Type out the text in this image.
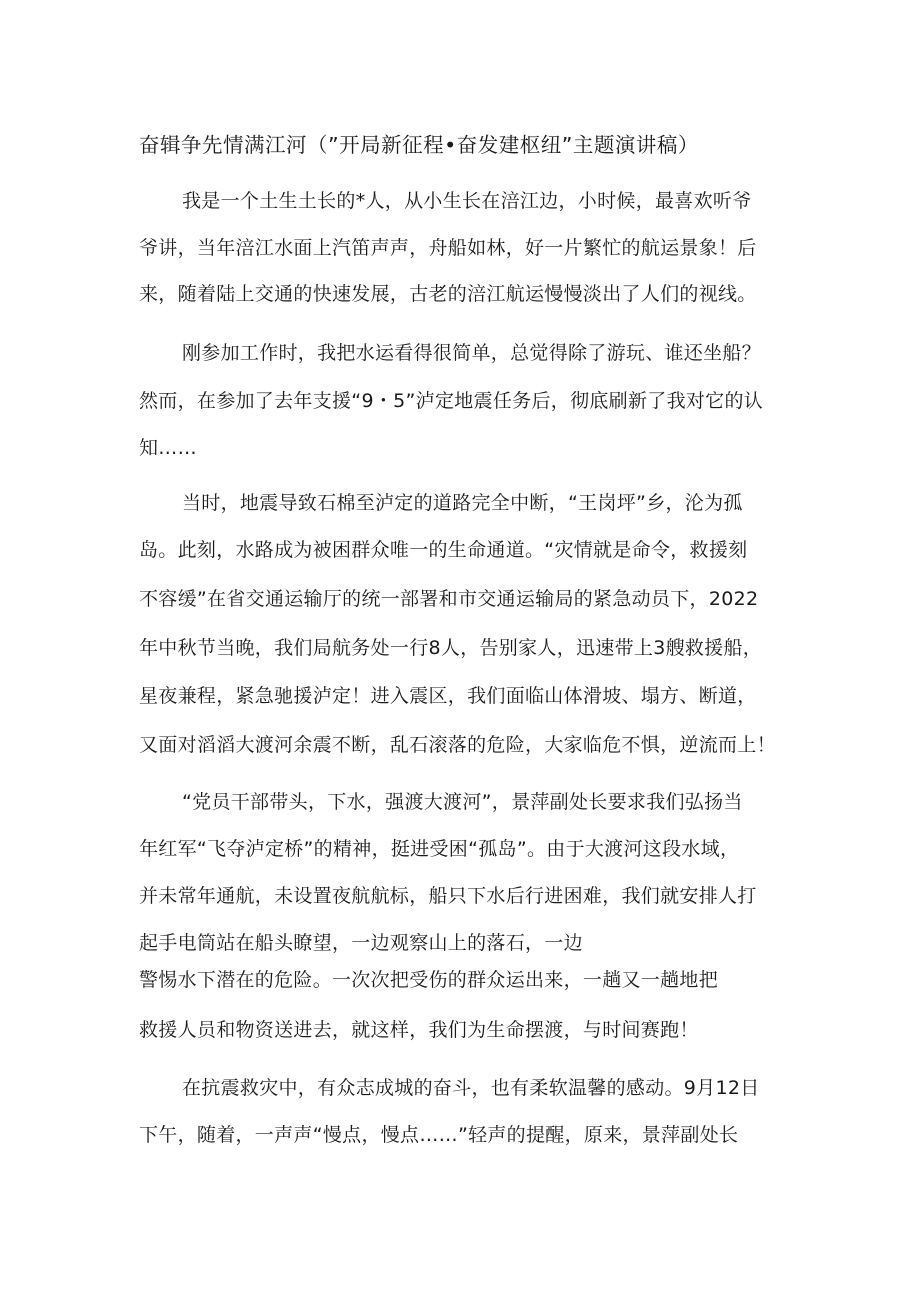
奋辑争先情满江河（”开局新征程•奋发建枢纽”主题演讲稿）

我是一个土生土长的*人，从小生长在涪江边，小时候，最喜欢听爷

爷讲，当年涪江水面上汽笛声声，舟船如林，好一片繁忙的航运景象！后

来，随着陆上交通的快速发展，古老的涪江航运慢慢淡出了人们的视线。

刚参加工作时，我把水运看得很简单，总觉得除了游玩、谁还坐船？

然而，在参加了去年支援“9・5”泸定地震任务后，彻底刷新了我对它的认

知……

当时，地震导致石棉至泸定的道路完全中断，“王岗坪”乡，沦为孤

岛。此刻，水路成为被困群众唯一的生命通道。“灾情就是命令，救援刻

不容缓”在省交通运输厅的统一部署和市交通运输局的紧急动员下，2022

年中秋节当晚，我们局航务处一行8人，告别家人，迅速带上3艘救援船，

星夜兼程，紧急驰援泸定！进入震区，我们面临山体滑坡、塌方、断道，

又面对滔滔大渡河余震不断，乱石滚落的危险，大家临危不惧，逆流而上！

“党员干部带头，下水，强渡大渡河”，景萍副处长要求我们弘扬当

年红军“飞夺泸定桥”的精神，挺进受困“孤岛”。由于大渡河这段水域，

并未常年通航，未设置夜航航标，船只下水后行进困难，我们就安排人打

起手电筒站在船头瞭望，一边观察山上的落石，一边

警惕水下潜在的危险。一次次把受伤的群众运出来，一趟又一趟地把

救援人员和物资送进去，就这样，我们为生命摆渡，与时间赛跑！

在抗震救灾中，有众志成城的奋斗，也有柔软温馨的感动。9月12日

下午，随着，一声声“慢点，慢点……”轻声的提醒，原来，景萍副处长
